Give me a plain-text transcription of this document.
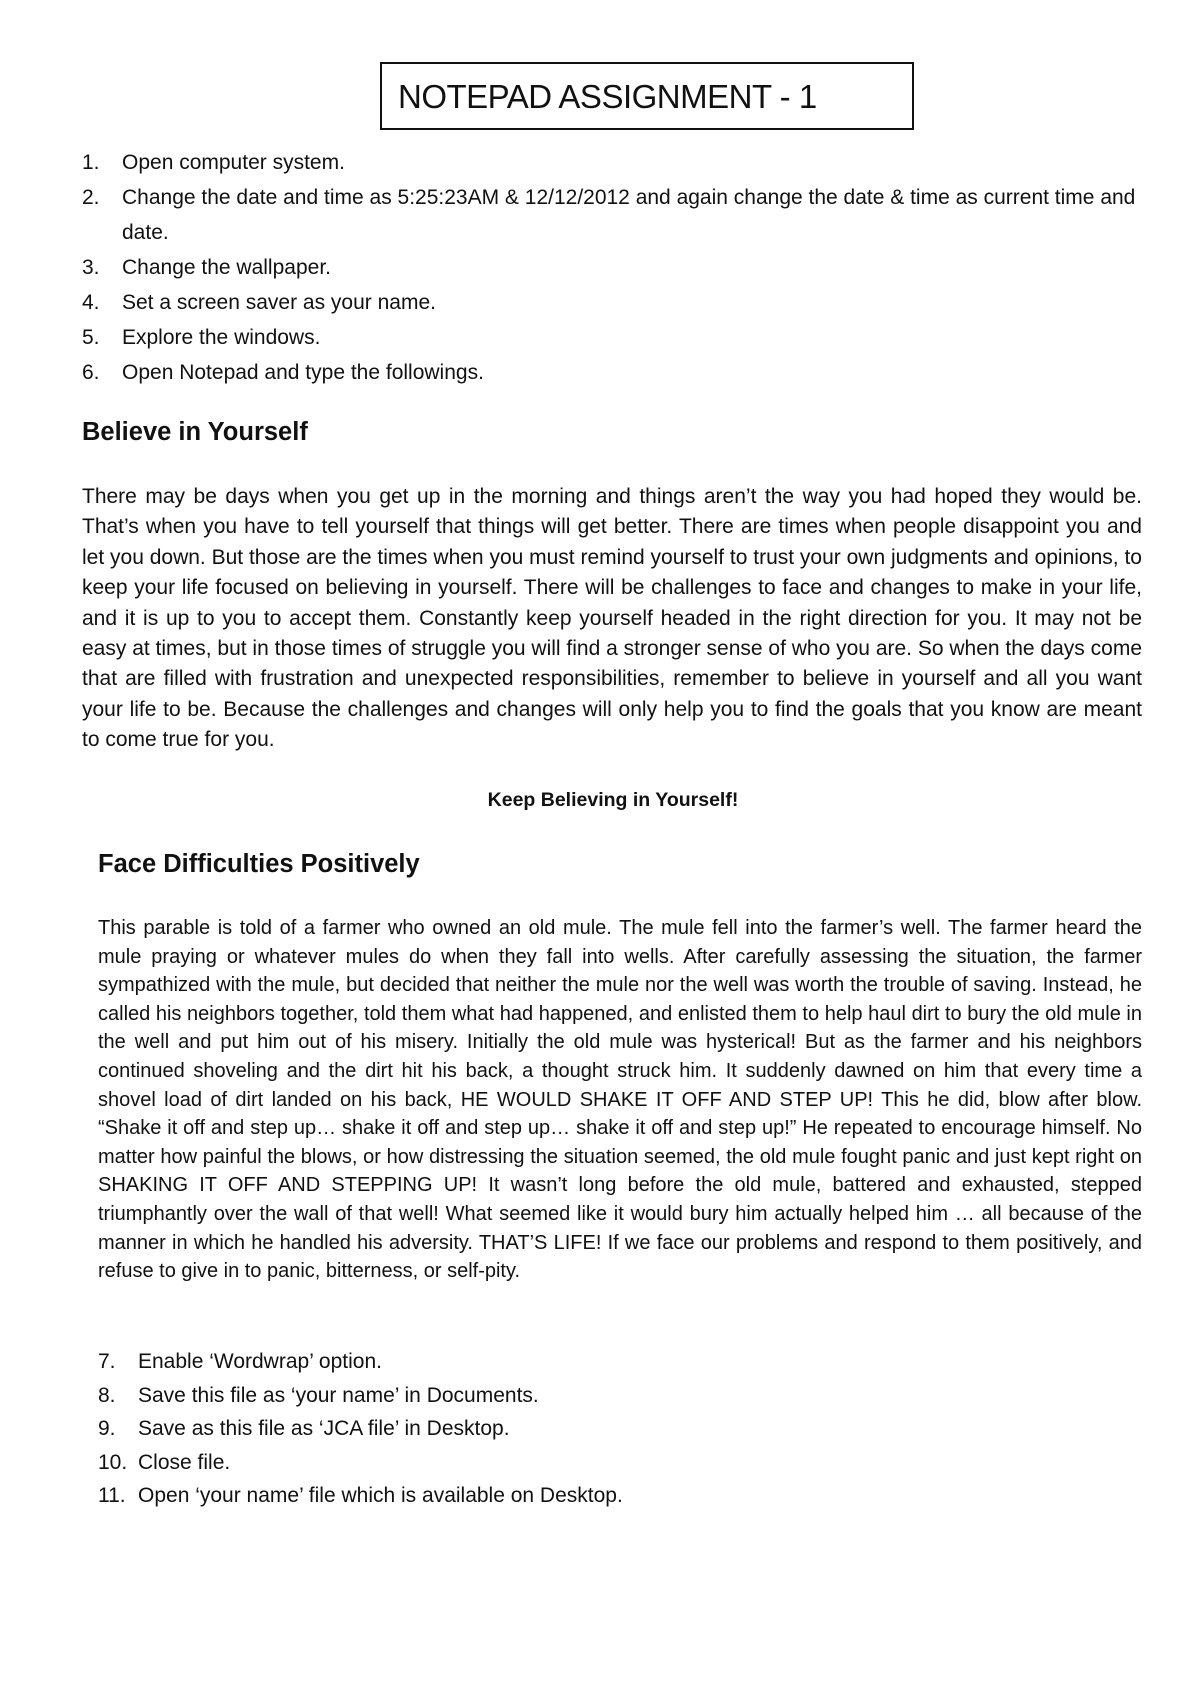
NOTEPAD ASSIGNMENT - 1
1. Open computer system.
2. Change the date and time as 5:25:23AM & 12/12/2012 and again change the date & time as current time and date.
3. Change the wallpaper.
4. Set a screen saver as your name.
5. Explore the windows.
6. Open Notepad and type the followings.
Believe in Yourself

There may be days when you get up in the morning and things aren’t the way you had hoped they would be. That’s when you have to tell yourself that things will get better. There are times when people disappoint you and let you down. But those are the times when you must remind yourself to trust your own judgments and opinions, to keep your life focused on believing in yourself. There will be challenges to face and changes to make in your life, and it is up to you to accept them. Constantly keep yourself headed in the right direction for you. It may not be easy at times, but in those times of struggle you will find a stronger sense of who you are. So when the days come that are filled with frustration and unexpected responsibilities, remember to believe in yourself and all you want your life to be. Because the challenges and changes will only help you to find the goals that you know are meant to come true for you.

Keep Believing in Yourself!
Face Difficulties Positively

This parable is told of a farmer who owned an old mule. The mule fell into the farmer’s well. The farmer heard the mule praying or whatever mules do when they fall into wells. After carefully assessing the situation, the farmer sympathized with the mule, but decided that neither the mule nor the well was worth the trouble of saving. Instead, he called his neighbors together, told them what had happened, and enlisted them to help haul dirt to bury the old mule in the well and put him out of his misery. Initially the old mule was hysterical! But as the farmer and his neighbors continued shoveling and the dirt hit his back, a thought struck him. It suddenly dawned on him that every time a shovel load of dirt landed on his back, HE WOULD SHAKE IT OFF AND STEP UP! This he did, blow after blow. “Shake it off and step up… shake it off and step up… shake it off and step up!” He repeated to encourage himself. No matter how painful the blows, or how distressing the situation seemed, the old mule fought panic and just kept right on SHAKING IT OFF AND STEPPING UP! It wasn’t long before the old mule, battered and exhausted, stepped triumphantly over the wall of that well! What seemed like it would bury him actually helped him … all because of the manner in which he handled his adversity. THAT’S LIFE! If we face our problems and respond to them positively, and refuse to give in to panic, bitterness, or self-pity.

7. Enable ‘Wordwrap’ option.
8. Save this file as ‘your name’ in Documents.
9. Save as this file as ‘JCA file’ in Desktop.
10. Close file.
11. Open ‘your name’ file which is available on Desktop.
